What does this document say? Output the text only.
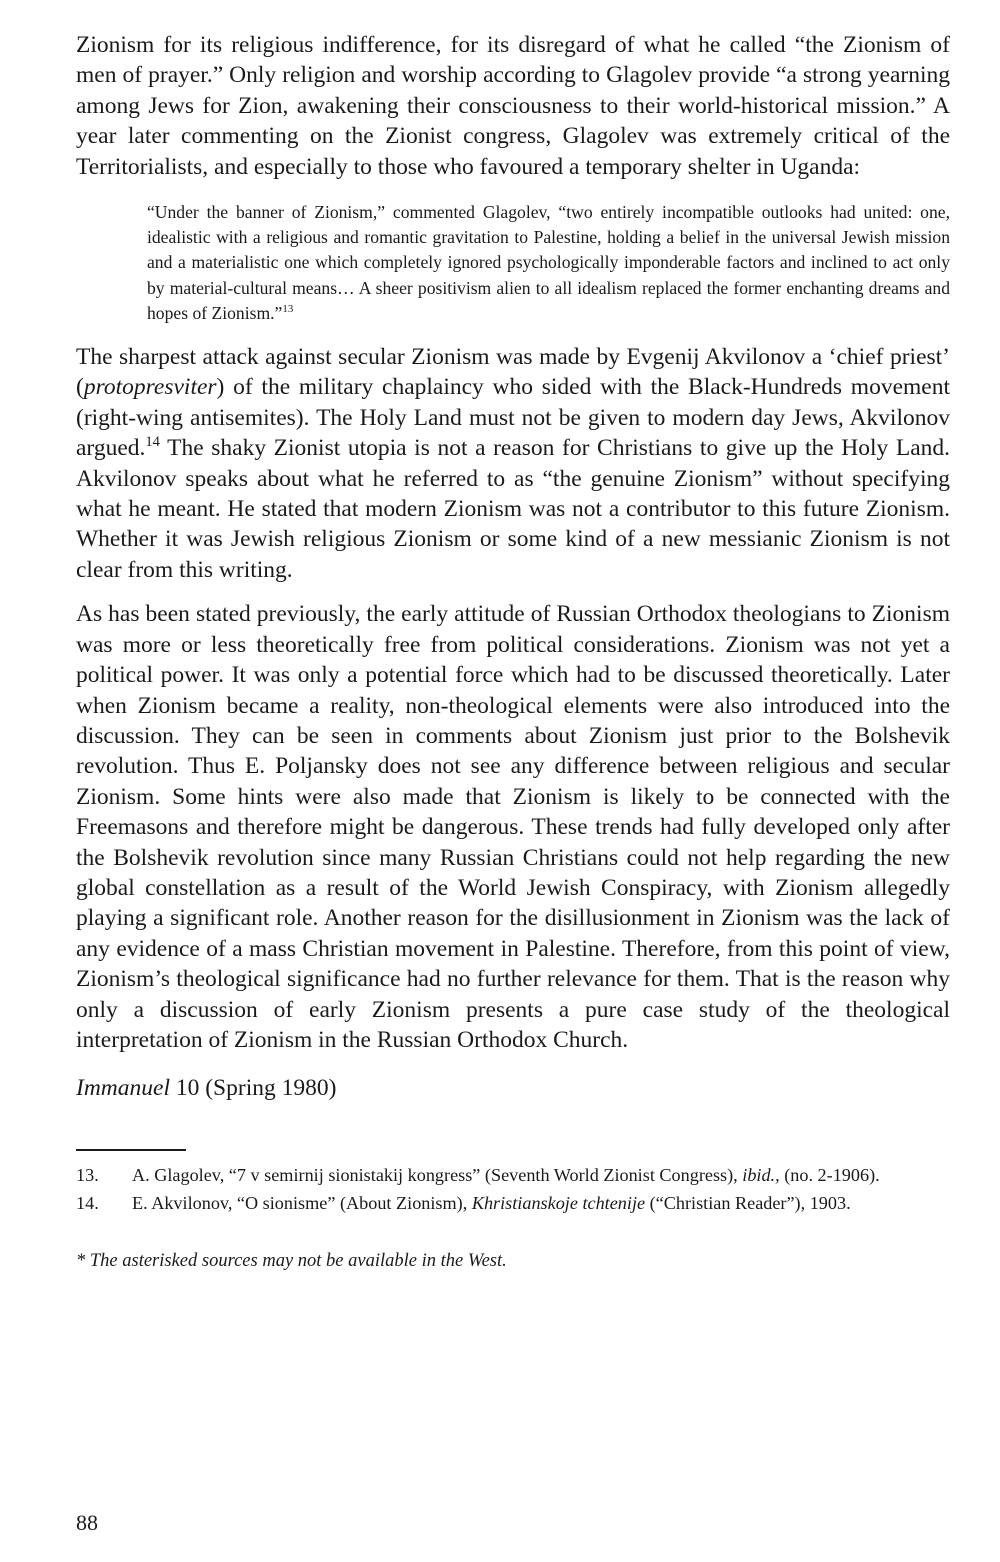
Zionism for its religious indifference, for its disregard of what he called “the Zionism of men of prayer.” Only religion and worship according to Glagolev provide “a strong yearning among Jews for Zion, awakening their consciousness to their world-historical mission.” A year later commenting on the Zionist congress, Glagolev was extremely critical of the Territorialists, and especially to those who favoured a temporary shelter in Uganda:

“Under the banner of Zionism,” commented Glagolev, “two entirely incompatible outlooks had united: one, idealistic with a religious and romantic gravitation to Palestine, holding a belief in the universal Jewish mission and a materialistic one which completely ignored psychologically imponderable factors and inclined to act only by material-cultural means… A sheer positivism alien to all idealism replaced the former enchanting dreams and hopes of Zionism.”$^{13}$

The sharpest attack against secular Zionism was made by Evgenij Akvilonov a ‘chief priest’ (protopresviter) of the military chaplaincy who sided with the Black-Hundreds movement (right-wing antisemites). The Holy Land must not be given to modern day Jews, Akvilonov argued.$^{14}$ The shaky Zionist utopia is not a reason for Christians to give up the Holy Land. Akvilonov speaks about what he referred to as “the genuine Zionism” without specifying what he meant. He stated that modern Zionism was not a contributor to this future Zionism. Whether it was Jewish religious Zionism or some kind of a new messianic Zionism is not clear from this writing.

As has been stated previously, the early attitude of Russian Orthodox theologians to Zionism was more or less theoretically free from political considerations. Zionism was not yet a political power. It was only a potential force which had to be discussed theoretically. Later when Zionism became a reality, non-theological elements were also introduced into the discussion. They can be seen in comments about Zionism just prior to the Bolshevik revolution. Thus E. Poljansky does not see any difference between religious and secular Zionism. Some hints were also made that Zionism is likely to be connected with the Freemasons and therefore might be dangerous. These trends had fully developed only after the Bolshevik revolution since many Russian Christians could not help regarding the new global constellation as a result of the World Jewish Conspiracy, with Zionism allegedly playing a significant role. Another reason for the disillusionment in Zionism was the lack of any evidence of a mass Christian movement in Palestine. Therefore, from this point of view, Zionism’s theological significance had no further relevance for them. That is the reason why only a discussion of early Zionism presents a pure case study of the theological interpretation of Zionism in the Russian Orthodox Church.

Immanuel 10 (Spring 1980)

13. A. Glagolev, “7 v semirnij sionistakij kongress” (Seventh World Zionist Congress), ibid., (no. 2-1906).

14. E. Akvilonov, “O sionisme” (About Zionism), Khristianskoje tchtenije (“Christian Reader”), 1903.

* The asterisked sources may not be available in the West.
88
